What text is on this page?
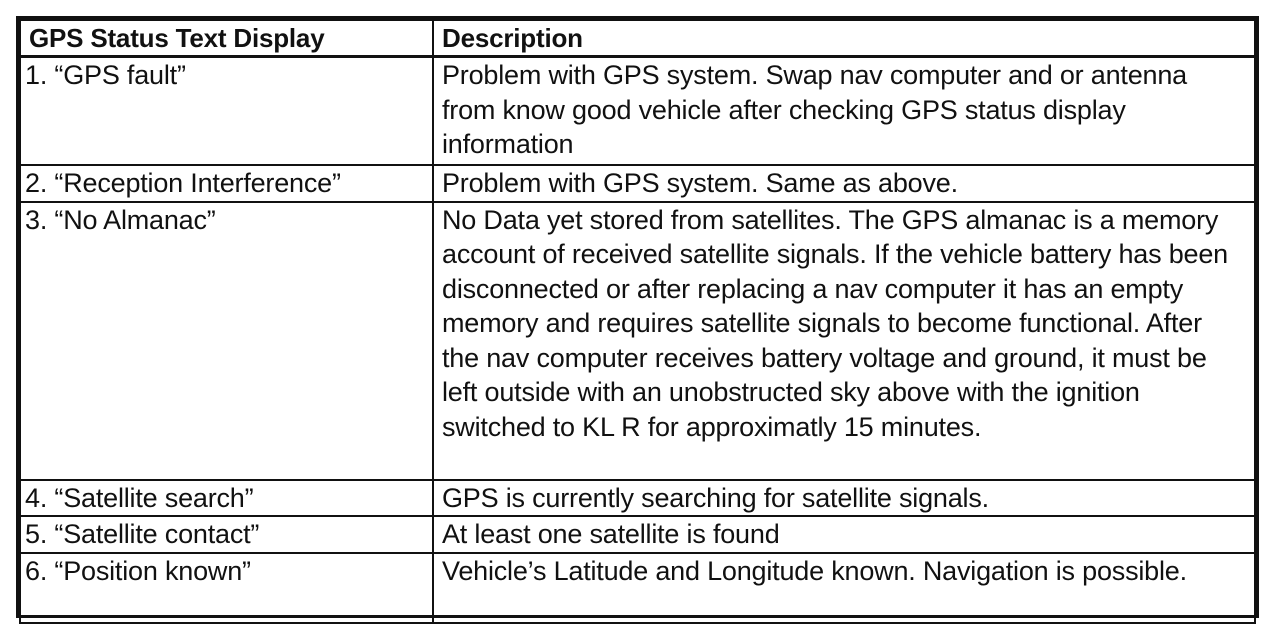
GPS Status Text Display	Description
1. “GPS fault”	Problem with GPS system. Swap nav computer and or antenna from know good vehicle after checking GPS status display information
2. “Reception Interference”	Problem with GPS system. Same as above.
3. “No Almanac”	No Data yet stored from satellites. The GPS almanac is a memory account of received satellite signals. If the vehicle battery has been disconnected or after replacing a nav computer it has an empty memory and requires satellite signals to become functional. After the nav computer receives battery voltage and ground, it must be left outside with an unobstructed sky above with the ignition switched to KL R for approximatly 15 minutes.
4. “Satellite search”	GPS is currently searching for satellite signals.
5. “Satellite contact”	At least one satellite is found
6. “Position known”	Vehicle’s Latitude and Longitude known. Navigation is possible.
